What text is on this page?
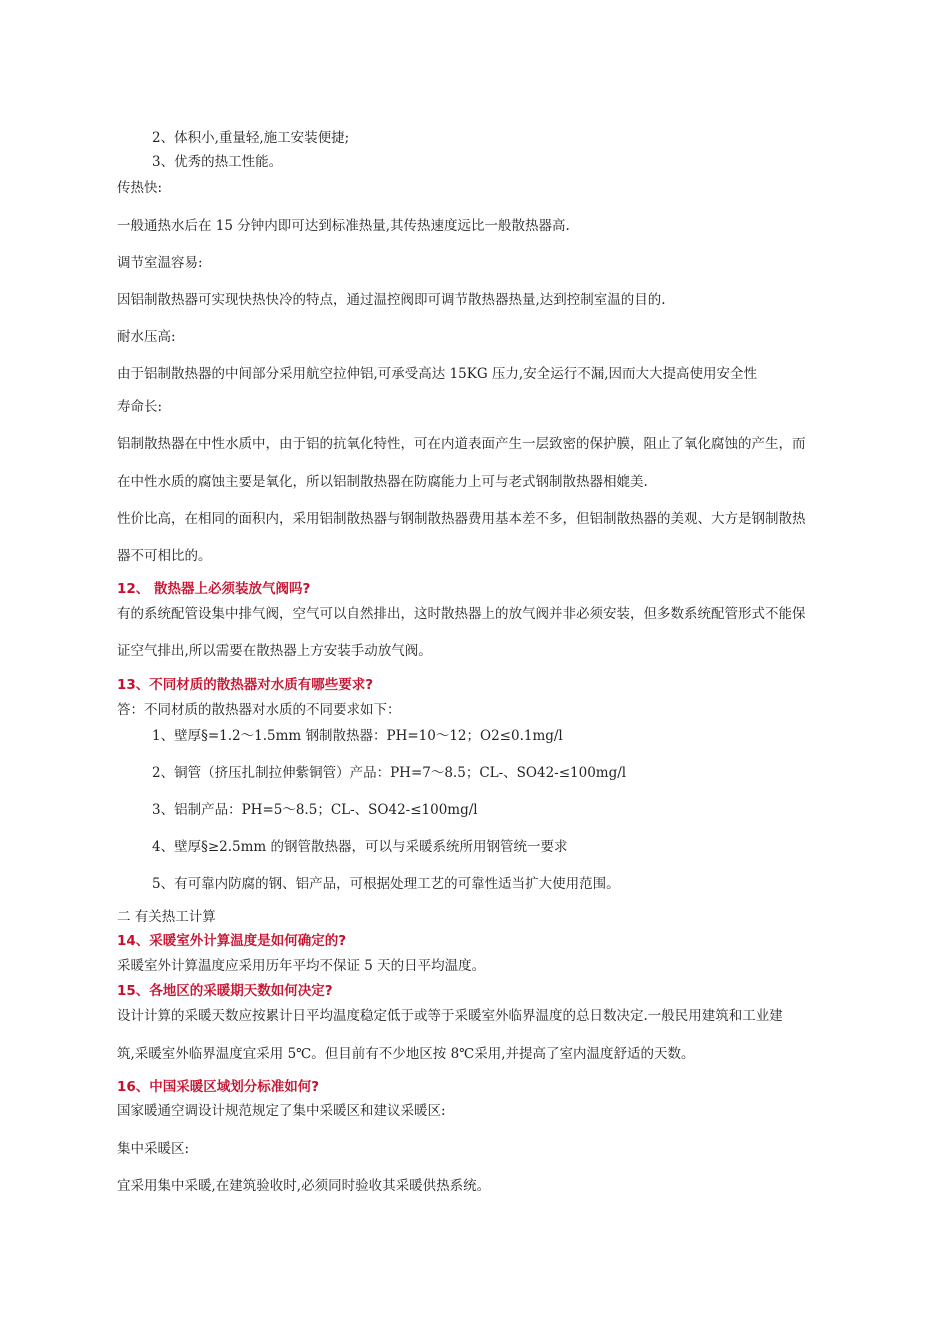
2、体积小,重量轻,施工安装便捷;
3、优秀的热工性能。
传热快:
一般通热水后在 15 分钟内即可达到标准热量,其传热速度远比一般散热器高.
调节室温容易:
因铝制散热器可实现快热快冷的特点，通过温控阀即可调节散热器热量,达到控制室温的目的.
耐水压高:
由于铝制散热器的中间部分采用航空拉伸铝,可承受高达 15KG 压力,安全运行不漏,因而大大提高使用安全性
寿命长:
铝制散热器在中性水质中，由于铝的抗氧化特性，可在内道表面产生一层致密的保护膜，阻止了氧化腐蚀的产生，而
在中性水质的腐蚀主要是氧化，所以铝制散热器在防腐能力上可与老式钢制散热器相媲美.
性价比高，在相同的面积内，采用铝制散热器与钢制散热器费用基本差不多，但铝制散热器的美观、大方是钢制散热
器不可相比的。
12、 散热器上必须装放气阀吗?
有的系统配管设集中排气阀，空气可以自然排出，这时散热器上的放气阀并非必须安装，但多数系统配管形式不能保
证空气排出,所以需要在散热器上方安装手动放气阀。
13、不同材质的散热器对水质有哪些要求?
答：不同材质的散热器对水质的不同要求如下：
1、壁厚§=1.2～1.5mm 钢制散热器：PH=10～12；O2≤0.1mg/l
2、铜管（挤压扎制拉伸紫铜管）产品：PH=7～8.5；CL-、SO42-≤100mg/l
3、铝制产品：PH=5～8.5；CL-、SO42-≤100mg/l
4、壁厚§≥2.5mm 的钢管散热器，可以与采暖系统所用钢管统一要求
5、有可靠内防腐的钢、铝产品，可根据处理工艺的可靠性适当扩大使用范围。
二 有关热工计算
14、采暖室外计算温度是如何确定的?
采暖室外计算温度应采用历年平均不保证 5 天的日平均温度。
15、各地区的采暖期天数如何决定?
设计计算的采暖天数应按累计日平均温度稳定低于或等于采暖室外临界温度的总日数决定.一般民用建筑和工业建
筑,采暖室外临界温度宜采用 5℃。但目前有不少地区按 8℃采用,并提高了室内温度舒适的天数。
16、中国采暖区域划分标准如何?
国家暖通空调设计规范规定了集中采暖区和建议采暖区:
集中采暖区:
宜采用集中采暖,在建筑验收时,必须同时验收其采暖供热系统。
